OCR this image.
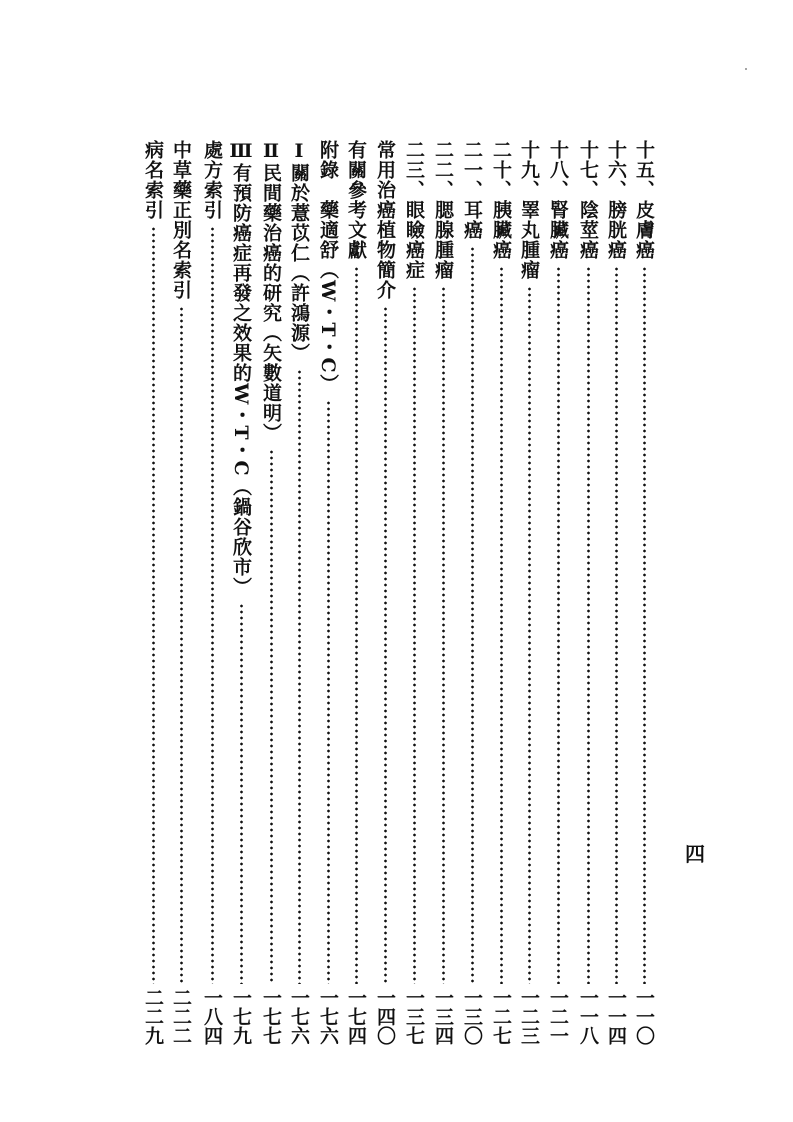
十五、皮膚癌
一一〇
十六、膀胱癌
一一四
十七、陰莖癌
一一八
十八、腎臟癌
一二一
十九、睪丸腫瘤
一二三
二十、胰臟癌
一二七
二一、耳癌
一三〇
二二、腮腺腫瘤
一三四
二三、眼瞼癌症
一三七
常用治癌植物簡介
一四〇
有關參考文獻
一七四
附錄　藥適舒（W・T・C）
一七六
Ⅰ關於薏苡仁（許鴻源）
一七六
Ⅱ民間藥治癌的研究（矢數道明）
一七七
Ⅲ有預防癌症再發之效果的W・T・C（鍋谷欣市）
一七九
處方索引
一八四
中草藥正別名索引
二二二
病名索引
二二九
四
